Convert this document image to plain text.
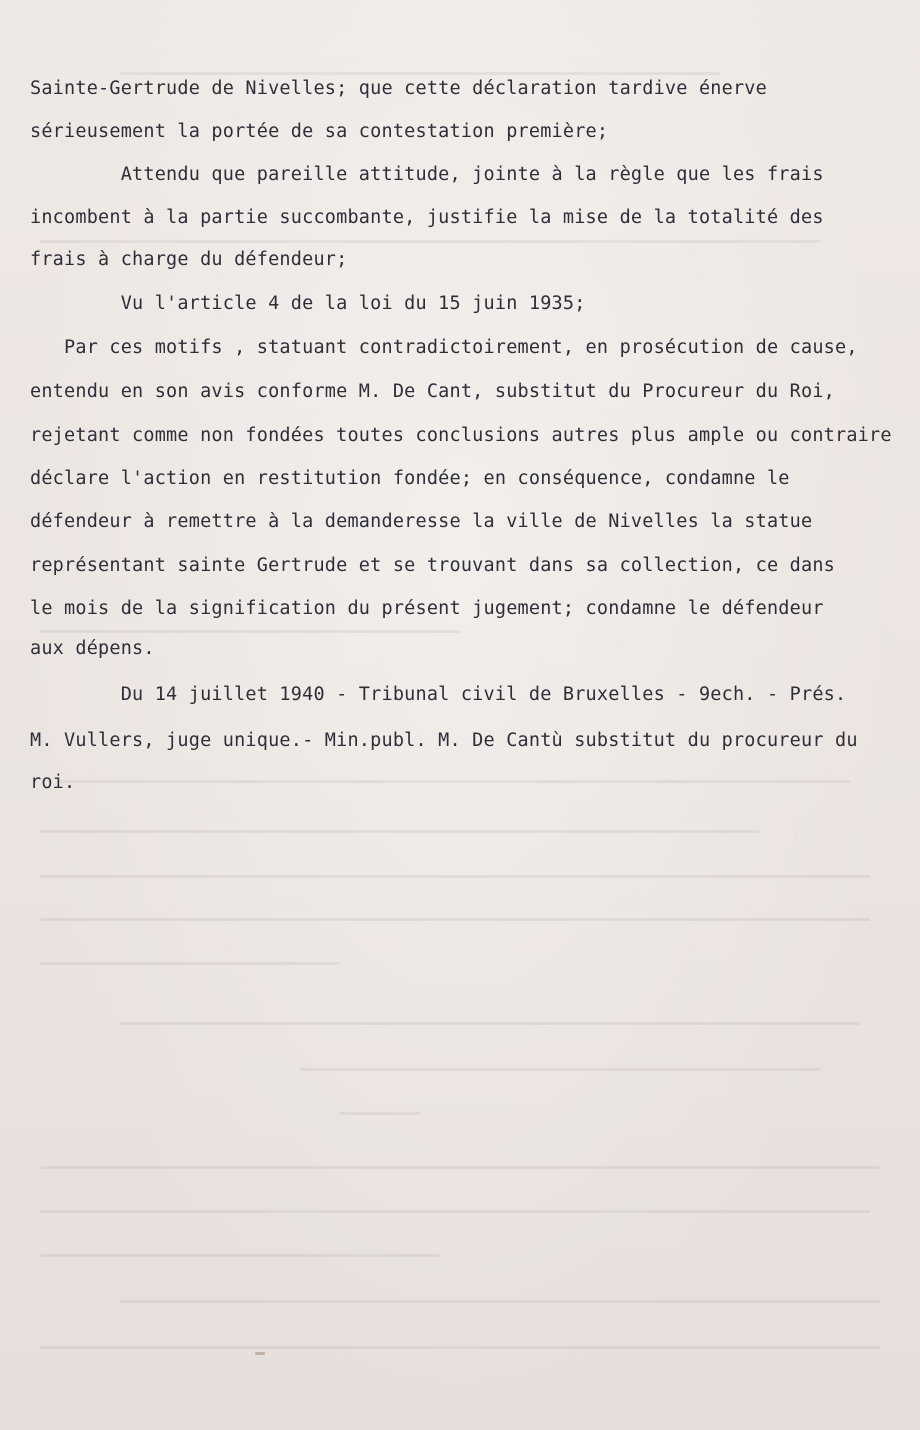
Sainte-Gertrude de Nivelles; que cette déclaration tardive énerve
sérieusement la portée de sa contestation première;
Attendu que pareille attitude, jointe à la règle que les frais
incombent à la partie succombante, justifie la mise de la totalité des
frais à charge du défendeur;
Vu l'article 4 de la loi du 15 juin 1935;
Par ces motifs , statuant contradictoirement, en prosécution de cause,
entendu en son avis conforme M. De Cant, substitut du Procureur du Roi,
rejetant comme non fondées toutes conclusions autres plus ample ou contraire
déclare l'action en restitution fondée; en conséquence, condamne le
défendeur à remettre à la demanderesse la ville de Nivelles la statue
représentant sainte Gertrude et se trouvant dans sa collection, ce dans
le mois de la signification du présent jugement; condamne le défendeur
aux dépens.
Du 14 juillet 1940 - Tribunal civil de Bruxelles - 9ech. - Prés.
M. Vullers, juge unique.- Min.publ. M. De Cantù substitut du procureur du
roi.
